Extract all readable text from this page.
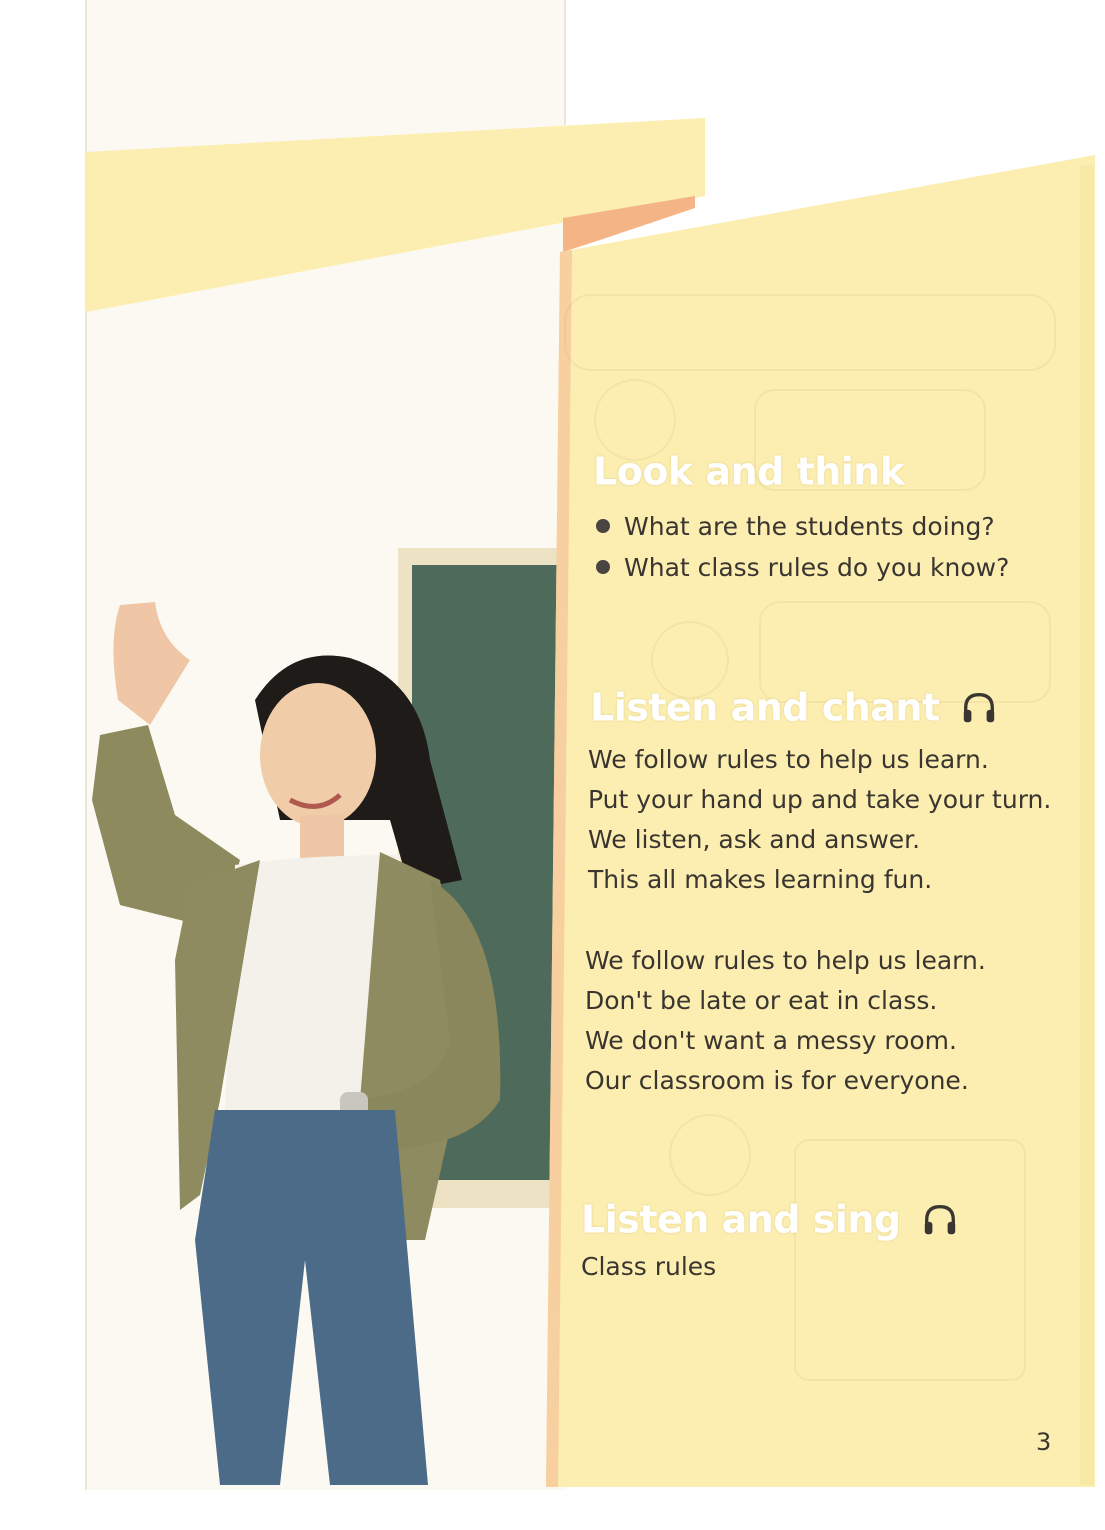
Look and think
What are the students doing?
What class rules do you know?
Listen and chant
We follow rules to help us learn.
Put your hand up and take your turn.
We listen, ask and answer.
This all makes learning fun.
We follow rules to help us learn.
Don't be late or eat in class.
We don't want a messy room.
Our classroom is for everyone.
Listen and sing

Class rules

3
